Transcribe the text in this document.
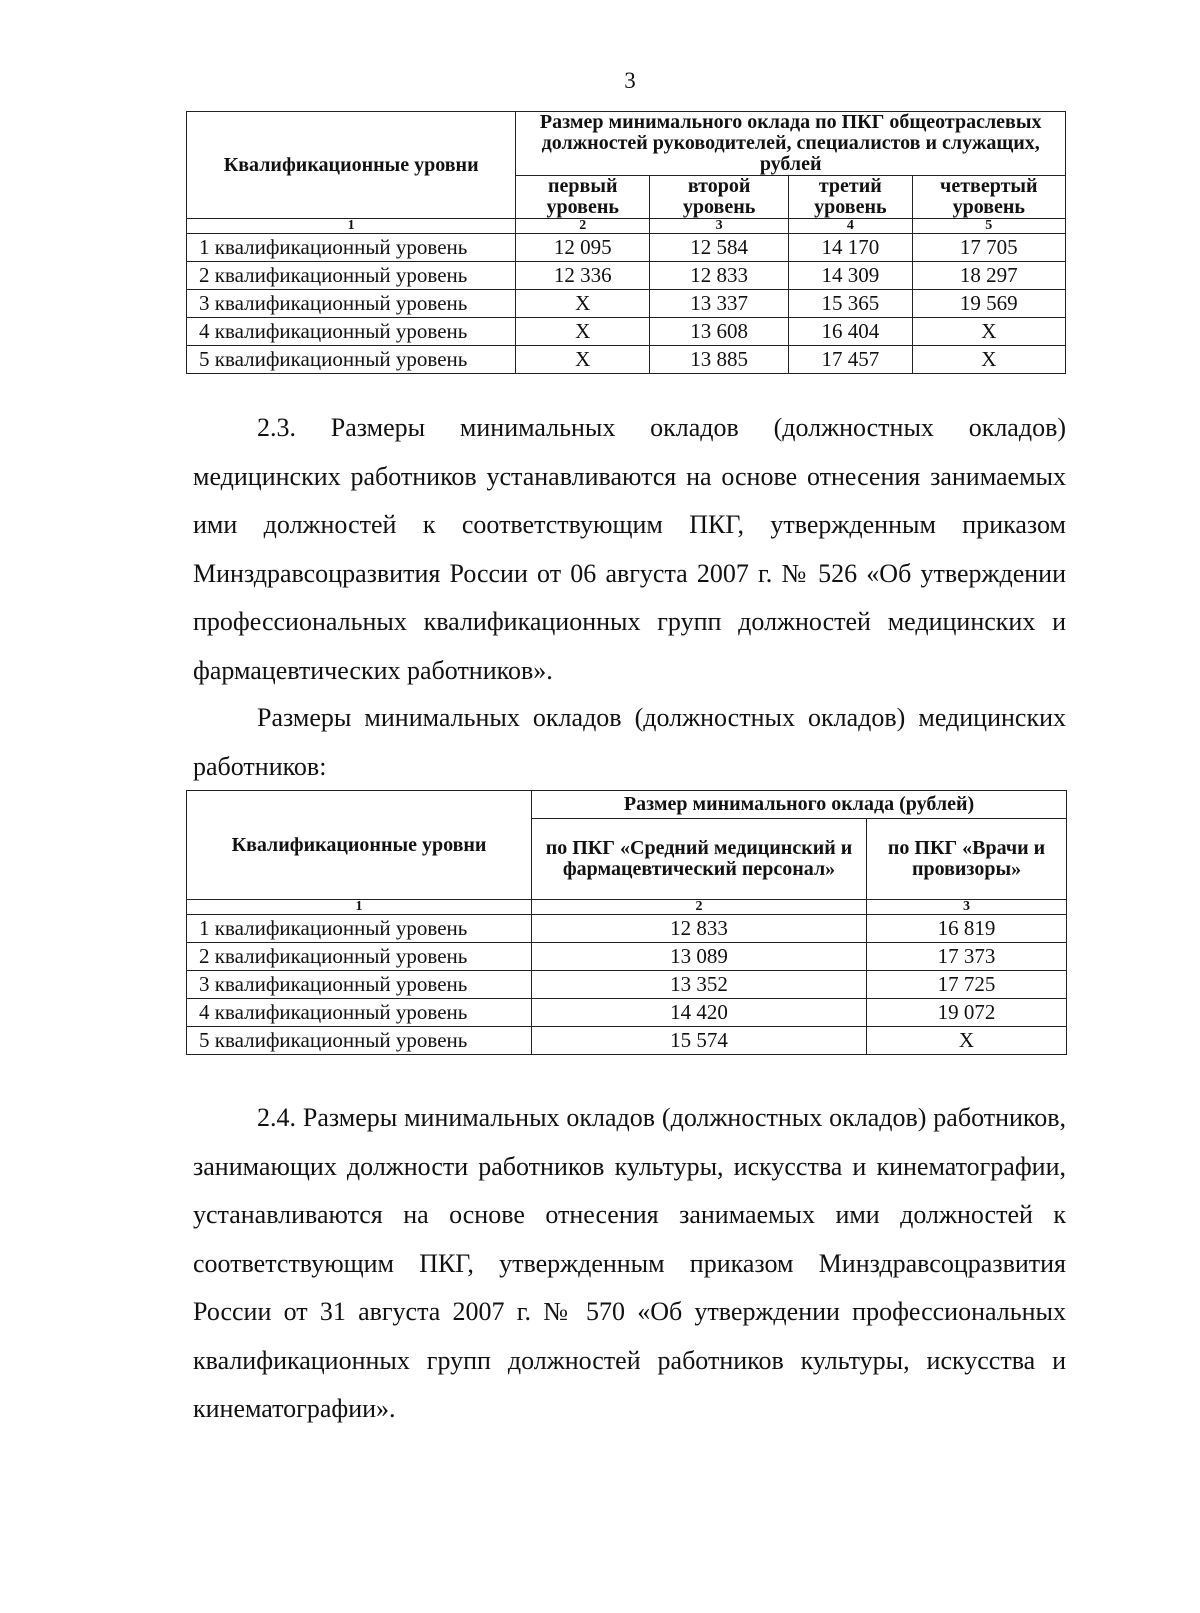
3
Квалификационные уровни	Размер минимального оклада по ПКГ общеотраслевых должностей руководителей, специалистов и служащих, рублей			
	первый уровень	второй уровень	третий уровень	четвертый уровень
1	2	3	4	5
1 квалификационный уровень	12 095	12 584	14 170	17 705
2 квалификационный уровень	12 336	12 833	14 309	18 297
3 квалификационный уровень	X	13 337	15 365	19 569
4 квалификационный уровень	X	13 608	16 404	X
5 квалификационный уровень	X	13 885	17 457	X

2.3. Размеры минимальных окладов (должностных окладов) медицинских работников устанавливаются на основе отнесения занимаемых ими должностей к соответствующим ПКГ, утвержденным приказом Минздравсоцразвития России от 06 августа 2007 г. № 526 «Об утверждении профессиональных квалификационных групп должностей медицинских и фармацевтических работников».

Размеры минимальных окладов (должностных окладов) медицинских работников:

Квалификационные уровни	Размер минимального оклада (рублей)	
	по ПКГ «Средний медицинский и фармацевтический персонал»	по ПКГ «Врачи и провизоры»
1	2	3
1 квалификационный уровень	12 833	16 819
2 квалификационный уровень	13 089	17 373
3 квалификационный уровень	13 352	17 725
4 квалификационный уровень	14 420	19 072
5 квалификационный уровень	15 574	X

2.4. Размеры минимальных окладов (должностных окладов) работников, занимающих должности работников культуры, искусства и кинематографии, устанавливаются на основе отнесения занимаемых ими должностей к соответствующим ПКГ, утвержденным приказом Минздравсоцразвития России от 31 августа 2007 г. № 570 «Об утверждении профессиональных квалификационных групп должностей работников культуры, искусства и кинематографии».
